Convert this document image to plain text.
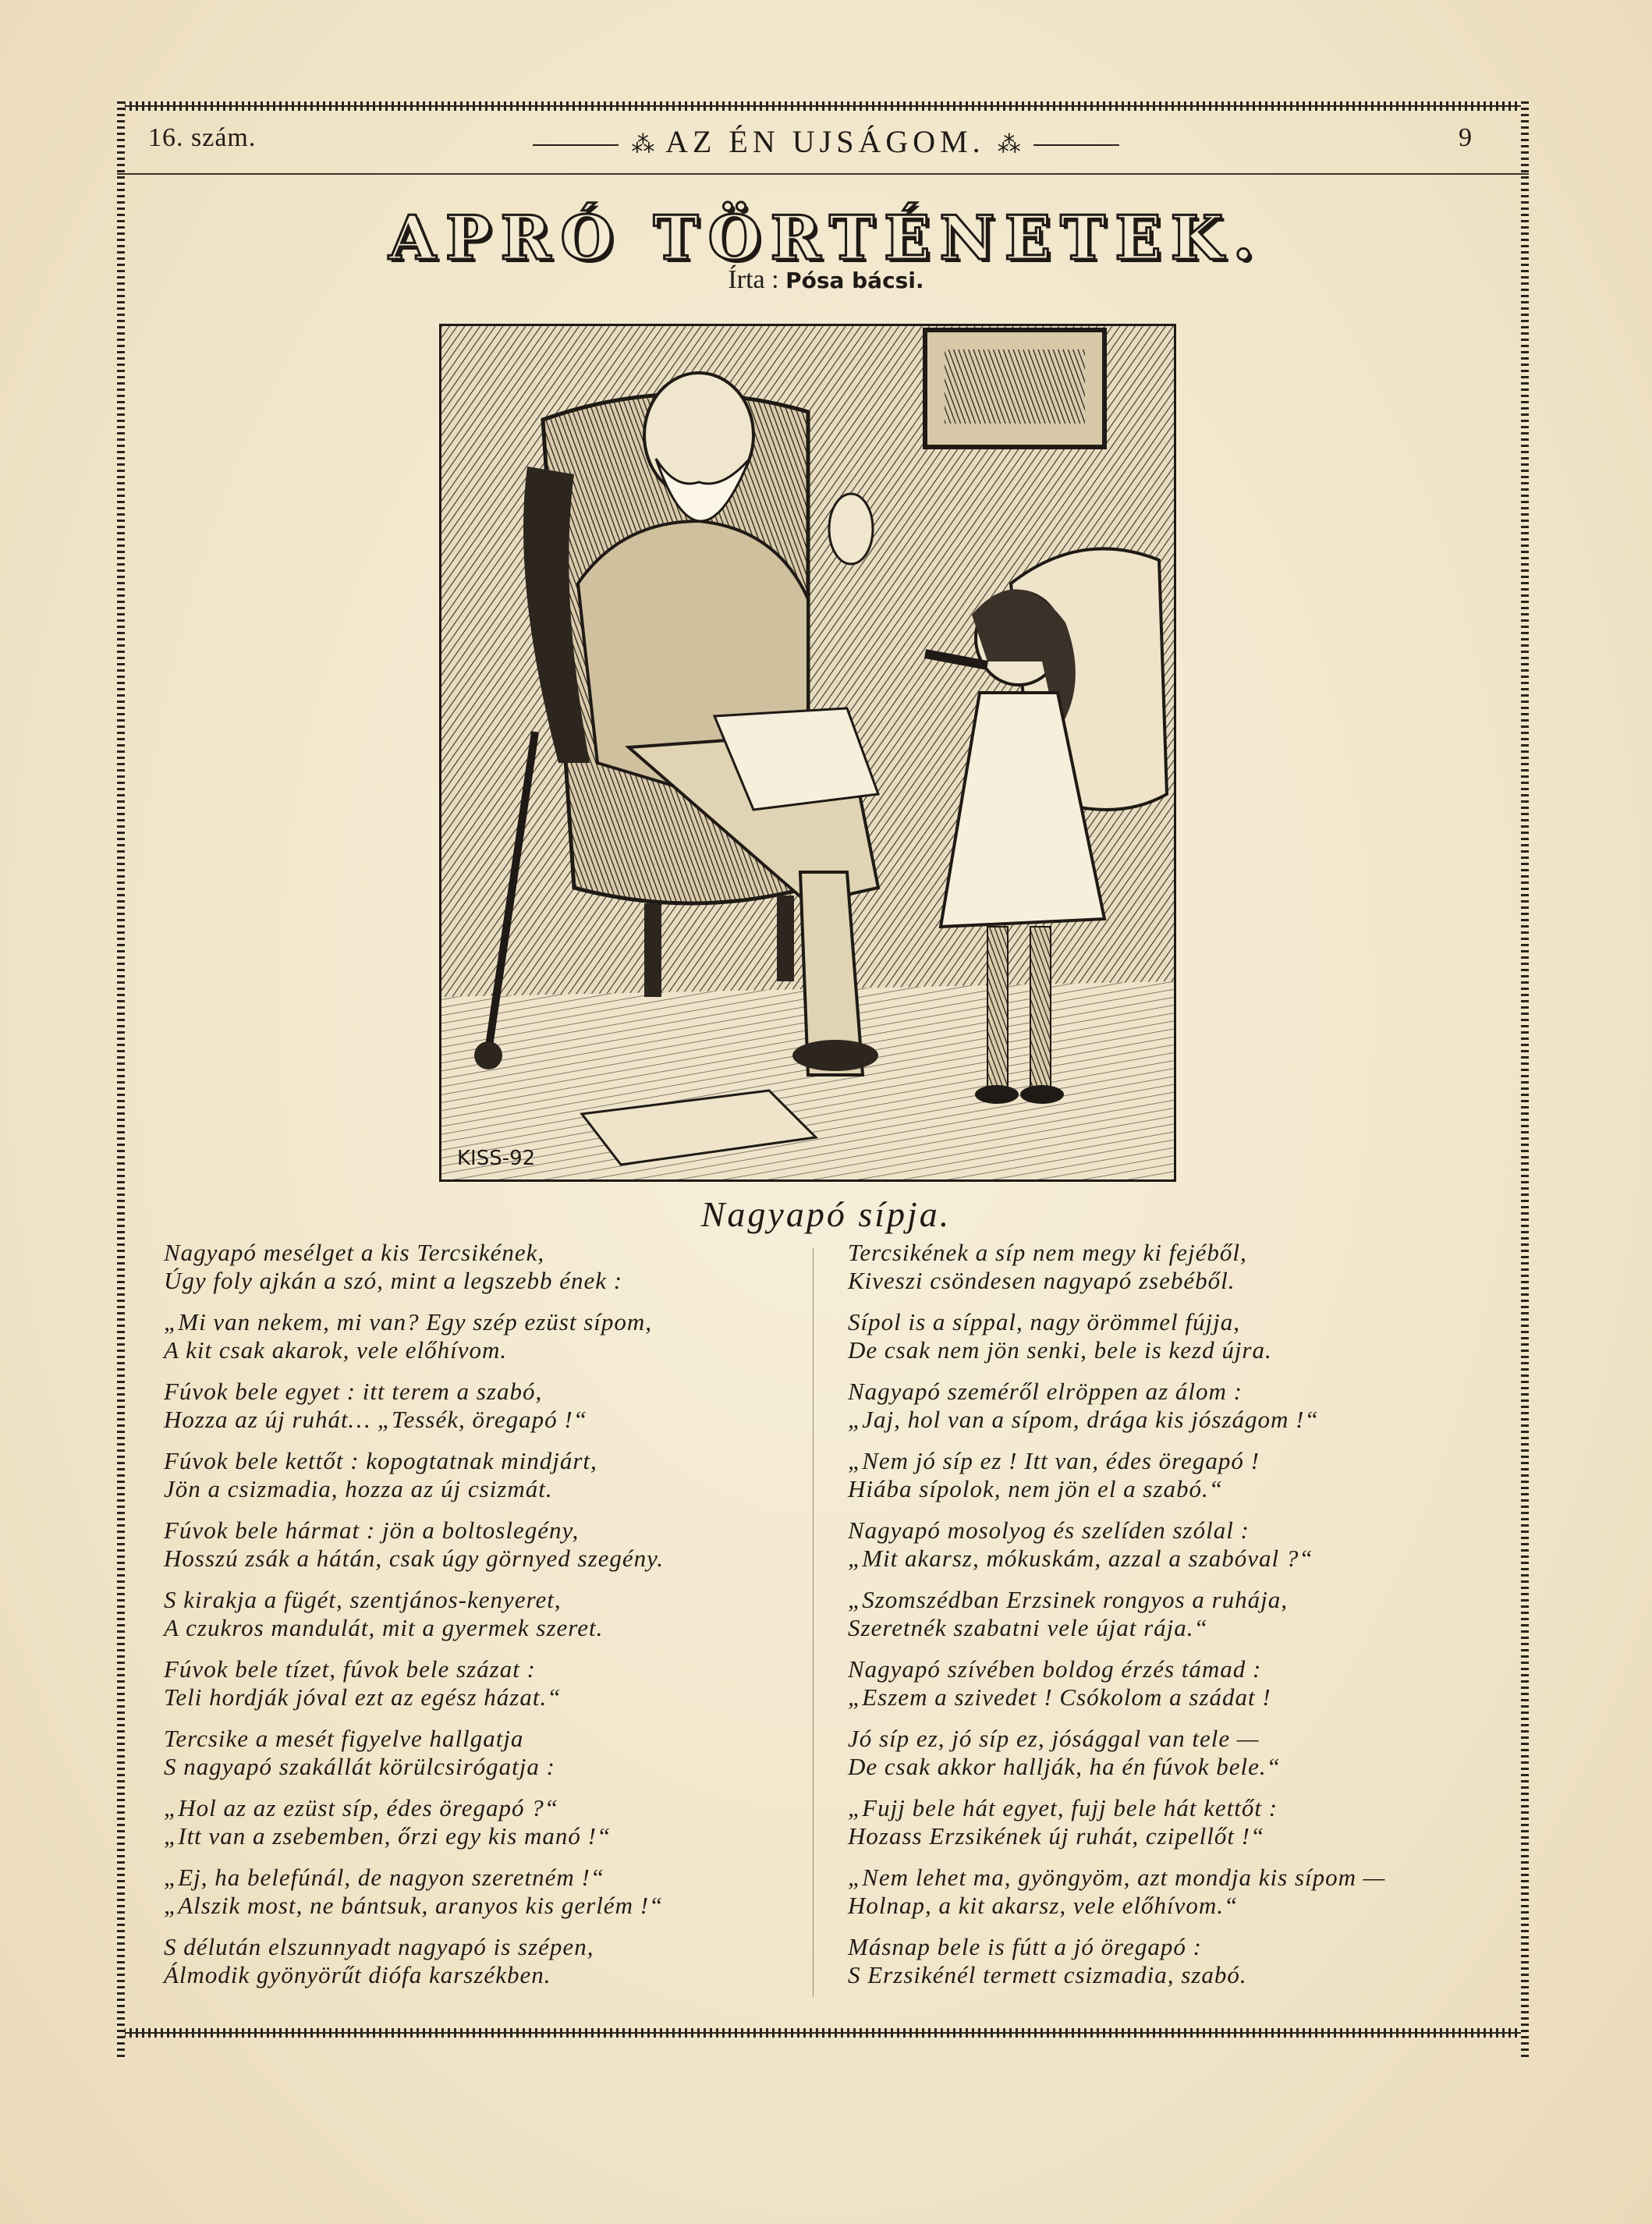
16. szám.	⁂ AZ ÉN UJSÁGOM. ⁂	9
APRÓ TÖRTÉNETEK.
Írta : Pósa bácsi.
KISS-92
Nagyapó sípja.
Nagyapó mesélget a kis Tercsikének,
Úgy foly ajkán a szó, mint a legszebb ének :
„Mi van nekem, mi van? Egy szép ezüst sípom,
A kit csak akarok, vele előhívom.
Fúvok bele egyet : itt terem a szabó,
Hozza az új ruhát… „Tessék, öregapó !“
Fúvok bele kettőt : kopogtatnak mindjárt,
Jön a csizmadia, hozza az új csizmát.
Fúvok bele hármat : jön a boltoslegény,
Hosszú zsák a hátán, csak úgy görnyed szegény.
S kirakja a fügét, szentjános-kenyeret,
A czukros mandulát, mit a gyermek szeret.
Fúvok bele tízet, fúvok bele százat :
Teli hordják jóval ezt az egész házat.“
Tercsike a mesét figyelve hallgatja
S nagyapó szakállát körülcsirógatja :
„Hol az az ezüst síp, édes öregapó ?“
„Itt van a zsebemben, őrzi egy kis manó !“
„Ej, ha belefúnál, de nagyon szeretném !“
„Alszik most, ne bántsuk, aranyos kis gerlém !“
S délután elszunnyadt nagyapó is szépen,
Álmodik gyönyörűt diófa karszékben.
Tercsikének a síp nem megy ki fejéből,
Kiveszi csöndesen nagyapó zsebéből.
Sípol is a síppal, nagy örömmel fújja,
De csak nem jön senki, bele is kezd újra.
Nagyapó szeméről elröppen az álom :
„Jaj, hol van a sípom, drága kis jószágom !“
„Nem jó síp ez ! Itt van, édes öregapó !
Hiába sípolok, nem jön el a szabó.“
Nagyapó mosolyog és szelíden szólal :
„Mit akarsz, mókuskám, azzal a szabóval ?“
„Szomszédban Erzsinek rongyos a ruhája,
Szeretnék szabatni vele újat rája.“
Nagyapó szívében boldog érzés támad :
„Eszem a szivedet ! Csókolom a szádat !
Jó síp ez, jó síp ez, jósággal van tele —
De csak akkor hallják, ha én fúvok bele.“
„Fujj bele hát egyet, fujj bele hát kettőt :
Hozass Erzsikének új ruhát, czipellőt !“
„Nem lehet ma, gyöngyöm, azt mondja kis sípom —
Holnap, a kit akarsz, vele előhívom.“
Másnap bele is fútt a jó öregapó :
S Erzsikénél termett csizmadia, szabó.
